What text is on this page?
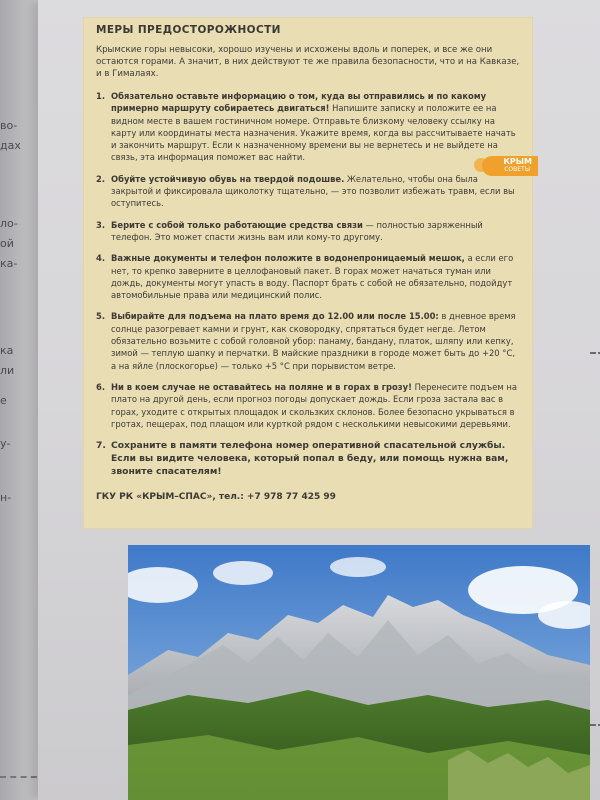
во-
дах
ло-
ой
ка-
ка
ли
е
у-
н-
МЕРЫ ПРЕДОСТОРОЖНОСТИ

Крымские горы невысоки, хорошо изучены и исхожены вдоль и поперек, и все же они остаются горами. А значит, в них действуют те же правила безопасности, что и на Кавказе, и в Гималаях.

1. Обязательно оставьте информацию о том, куда вы отправились и по какому примерно маршруту собираетесь двигаться! Напишите записку и положите ее на видном месте в вашем гостиничном номере. Отправьте близкому человеку ссылку на карту или координаты места назначения. Укажите время, когда вы рассчитываете начать и закончить маршрут. Если к назначенному времени вы не вернетесь и не выйдете на связь, эта информация поможет вас найти.
2. Обуйте устойчивую обувь на твердой подошве. Желательно, чтобы она была закрытой и фиксировала щиколотку тщательно, — это позволит избежать травм, если вы оступитесь.
3. Берите с собой только работающие средства связи — полностью заряженный телефон. Это может спасти жизнь вам или кому-то другому.
4. Важные документы и телефон положите в водонепроницаемый мешок, а если его нет, то крепко заверните в целлофановый пакет. В горах может начаться туман или дождь, документы могут упасть в воду. Паспорт брать с собой не обязательно, подойдут автомобильные права или медицинский полис.
5. Выбирайте для подъема на плато время до 12.00 или после 15.00: в дневное время солнце разогревает камни и грунт, как сковородку, спрятаться будет негде. Летом обязательно возьмите с собой головной убор: панаму, бандану, платок, шляпу или кепку, зимой — теплую шапку и перчатки. В майские праздники в городе может быть до +20 °С, а на яйле (плоскогорье) — только +5 °С при порывистом ветре.
6. Ни в коем случае не оставайтесь на поляне и в горах в грозу! Перенесите подъем на плато на другой день, если прогноз погоды допускает дождь. Если гроза застала вас в горах, уходите с открытых площадок и скользких склонов. Более безопасно укрываться в гротах, пещерах, под плащом или курткой рядом с несколькими невысокими деревьями.
7. Сохраните в памяти телефона номер оперативной спасательной службы. Если вы видите человека, который попал в беду, или помощь нужна вам, звоните спасателям!
ГКУ РК «КРЫМ–СПАС», тел.: +7 978 77 425 99
КРЫМ
СОВЕТЫ
